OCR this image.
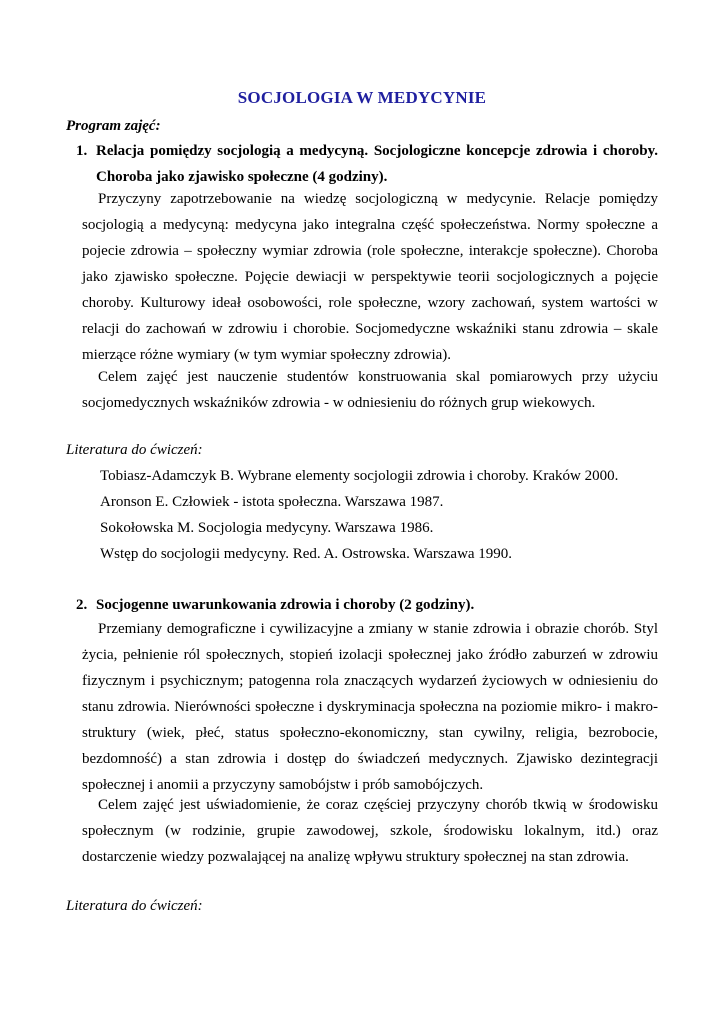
SOCJOLOGIA W MEDYCYNIE
Program zajęć:
1. Relacja pomiędzy socjologią a medycyną. Socjologiczne koncepcje zdrowia i choroby. Choroba jako zjawisko społeczne (4 godziny).
Przyczyny zapotrzebowanie na wiedzę socjologiczną w medycynie. Relacje pomiędzy socjologią a medycyną: medycyna jako integralna część społeczeństwa. Normy społeczne a pojecie zdrowia – społeczny wymiar zdrowia (role społeczne, interakcje społeczne). Choroba jako zjawisko społeczne. Pojęcie dewiacji w perspektywie teorii socjologicznych a pojęcie choroby. Kulturowy ideał osobowości, role społeczne, wzory zachowań, system wartości w relacji do zachowań w zdrowiu i chorobie. Socjomedyczne wskaźniki stanu zdrowia – skale mierzące różne wymiary (w tym wymiar społeczny zdrowia).
Celem zajęć jest nauczenie studentów konstruowania skal pomiarowych przy użyciu socjomedycznych wskaźników zdrowia - w odniesieniu do różnych grup wiekowych.
Literatura do ćwiczeń:
Tobiasz-Adamczyk B. Wybrane elementy socjologii zdrowia i choroby. Kraków 2000.
Aronson E. Człowiek - istota społeczna. Warszawa 1987.
Sokołowska M. Socjologia medycyny. Warszawa 1986.
Wstęp do socjologii medycyny. Red. A. Ostrowska. Warszawa 1990.
2. Socjogenne uwarunkowania zdrowia i choroby (2 godziny).
Przemiany demograficzne i cywilizacyjne a zmiany w stanie zdrowia i obrazie chorób. Styl życia, pełnienie ról społecznych, stopień izolacji społecznej jako źródło zaburzeń w zdrowiu fizycznym i psychicznym; patogenna rola znaczących wydarzeń życiowych w odniesieniu do stanu zdrowia. Nierówności społeczne i dyskryminacja społeczna na poziomie mikro- i makro-struktury (wiek, płeć, status społeczno-ekonomiczny, stan cywilny, religia, bezrobocie, bezdomność) a stan zdrowia i dostęp do świadczeń medycznych. Zjawisko dezintegracji społecznej i anomii a przyczyny samobójstw i prób samobójczych.
Celem zajęć jest uświadomienie, że coraz częściej przyczyny chorób tkwią w środowisku społecznym (w rodzinie, grupie zawodowej, szkole, środowisku lokalnym, itd.) oraz dostarczenie wiedzy pozwalającej na analizę wpływu struktury społecznej na stan zdrowia.
Literatura do ćwiczeń:
